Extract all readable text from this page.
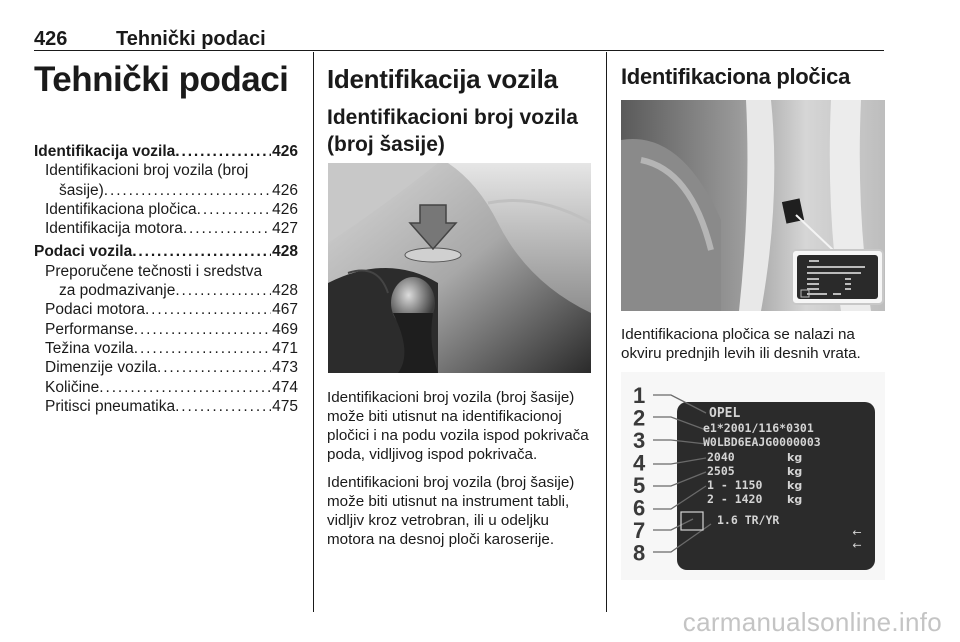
426 Tehnički podaci
Tehnički podaci
Identifikacija vozila . . .	426
Identifikacioni broj vozila (broj
šasije) . . .	426
Identifikaciona pločica . . .	426
Identifikacija motora . . .	427
Podaci vozila . . .	428
Preporučene tečnosti i sredstva
za podmazivanje . . .	428
Podaci motora . . .	467
Performanse . . .	469
Težina vozila . . .	471
Dimenzije vozila . . .	473
Količine . . .	474
Pritisci pneumatika . . .	475
Identifikacija vozila
Identifikacioni broj vozila (broj šasije)

Identifikacioni broj vozila (broj šasije) može biti utisnut na identifikacionoj pločici i na podu vozila ispod pokrivača poda, vidljivog ispod pokrivača.

Identifikacioni broj vozila (broj šasije) može biti utisnut na instrument tabli, vidljiv kroz vetrobran, ili u odeljku motora na desnoj ploči karoserije.

Identifikaciona pločica
Identifikaciona pločica se nalazi na okviru prednjih levih ili desnih vrata.
1
2
3
4
5
6
7
8
OPEL
e1*2001/116*0301
W0LBD6EAJG0000003
2040
2505
1 - 1150
2 - 1420
1.6 TR/YR
kg
kg
kg
kg
↓ ↓
carmanualsonline.info
